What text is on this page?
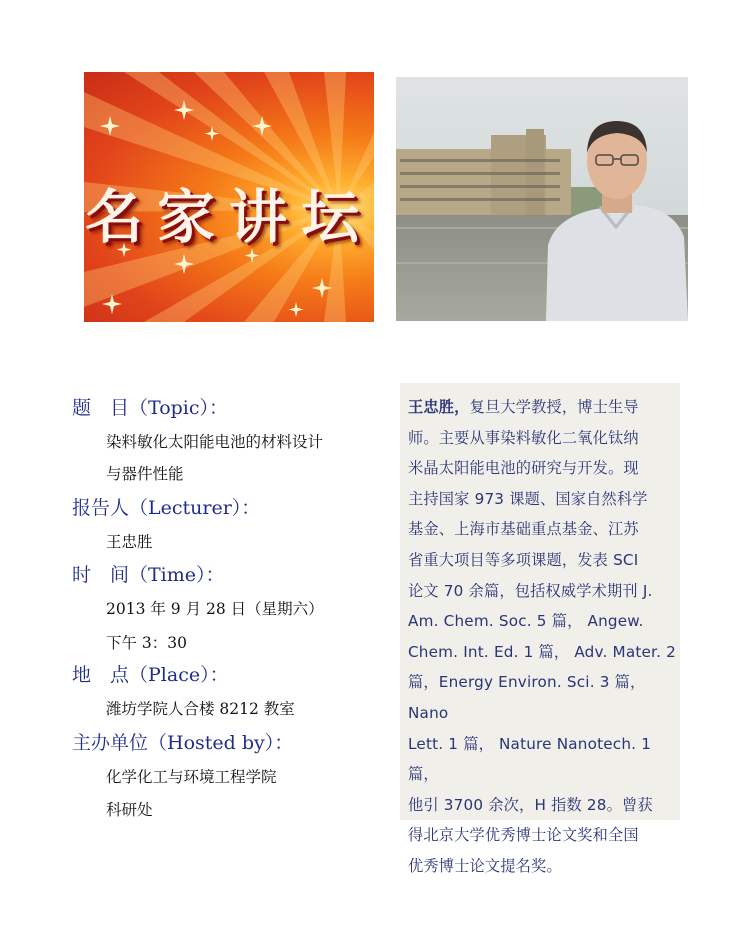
名家讲坛
题　目（Topic）：
染料敏化太阳能电池的材料设计
与器件性能
报告人（Lecturer）：
王忠胜
时　间（Time）：
2013 年 9 月 28 日（星期六）
下午 3：30
地　点（Place）：
潍坊学院人合楼 8212 教室
主办单位（Hosted by）：
化学化工与环境工程学院
科研处
王忠胜，复旦大学教授，博士生导
师。主要从事染料敏化二氧化钛纳
米晶太阳能电池的研究与开发。现
主持国家 973 课题、国家自然科学
基金、上海市基础重点基金、江苏
省重大项目等多项课题，发表 SCI
论文 70 余篇，包括权威学术期刊 J.
Am. Chem. Soc. 5 篇， Angew.
Chem. Int. Ed. 1 篇， Adv. Mater. 2
篇，Energy Environ. Sci. 3 篇，Nano
Lett. 1 篇， Nature Nanotech. 1 篇，
他引 3700 余次，H 指数 28。曾获
得北京大学优秀博士论文奖和全国
优秀博士论文提名奖。
